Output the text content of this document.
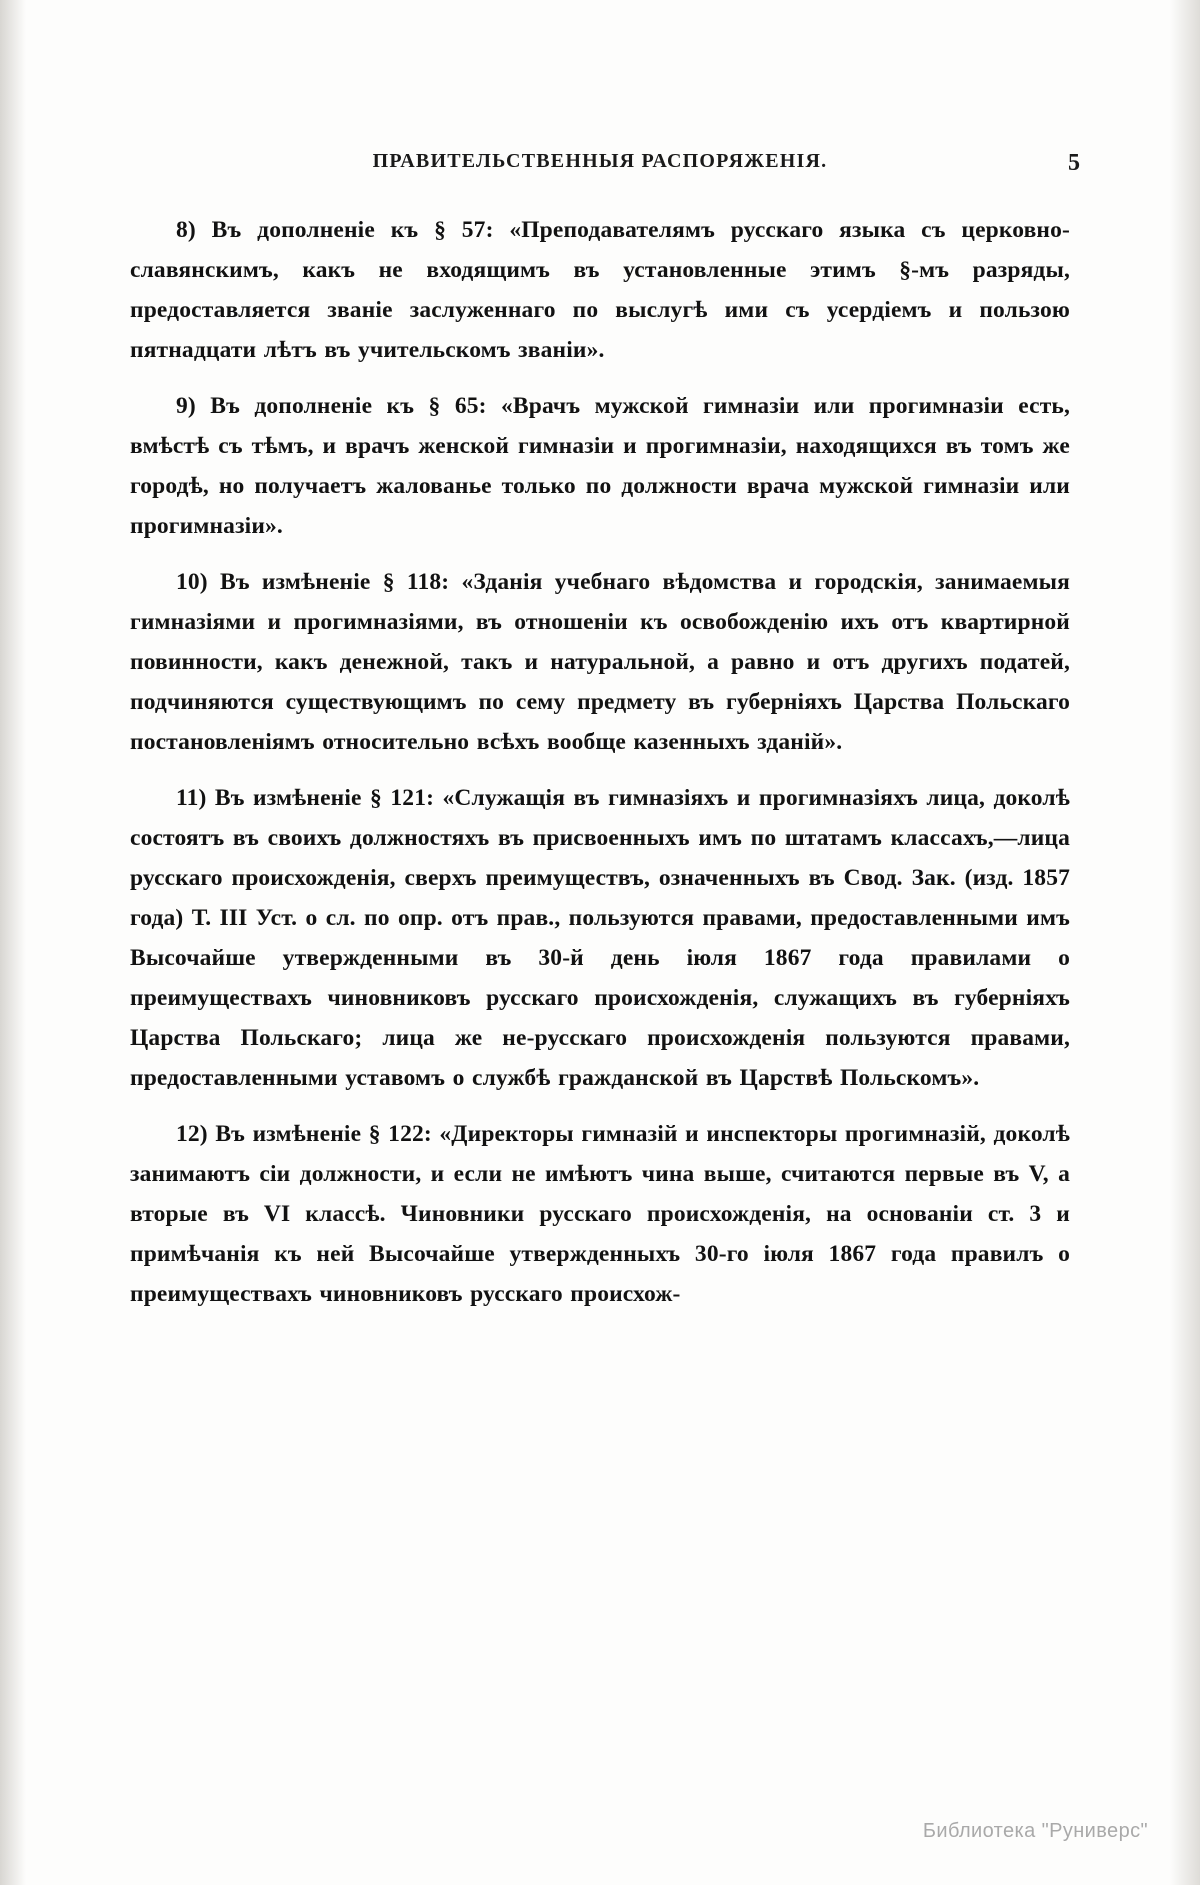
ПРАВИТЕЛЬСТВЕННЫЯ РАСПОРЯЖЕНІЯ.	5

8) Въ дополненіе къ § 57: «Преподавателямъ русскаго языка съ церковно-славянскимъ, какъ не входящимъ въ установленные этимъ §-мъ разряды, предоставляется званіе заслуженнаго по выслугѣ ими съ усердіемъ и пользою пятнадцати лѣтъ въ учительскомъ званіи».

9) Въ дополненіе къ § 65: «Врачъ мужской гимназіи или прогимназіи есть, вмѣстѣ съ тѣмъ, и врачъ женской гимназіи и прогимназіи, находящихся въ томъ же городѣ, но получаетъ жалованье только по должности врача мужской гимназіи или прогимназіи».

10) Въ измѣненіе § 118: «Зданія учебнаго вѣдомства и городскія, занимаемыя гимназіями и прогимназіями, въ отношеніи къ освобожденію ихъ отъ квартирной повинности, какъ денежной, такъ и натуральной, а равно и отъ другихъ податей, подчиняются существующимъ по сему предмету въ губерніяхъ Царства Польскаго постановленіямъ относительно всѣхъ вообще казенныхъ зданій».

11) Въ измѣненіе § 121: «Служащія въ гимназіяхъ и прогимназіяхъ лица, доколѣ состоятъ въ своихъ должностяхъ въ присвоенныхъ имъ по штатамъ классахъ,—лица русскаго происхожденія, сверхъ преимуществъ, означенныхъ въ Свод. Зак. (изд. 1857 года) Т. III Уст. о сл. по опр. отъ прав., пользуются правами, предоставленными имъ Высочайше утвержденными въ 30-й день іюля 1867 года правилами о преимуществахъ чиновниковъ русскаго происхожденія, служащихъ въ губерніяхъ Царства Польскаго; лица же не-русскаго происхожденія пользуются правами, предоставленными уставомъ о службѣ гражданской въ Царствѣ Польскомъ».

12) Въ измѣненіе § 122: «Директоры гимназій и инспекторы прогимназій, доколѣ занимаютъ сіи должности, и если не имѣютъ чина выше, считаются первые въ V, а вторые въ VI классѣ. Чиновники русскаго происхожденія, на основаніи ст. 3 и примѣчанія къ ней Высочайше утвержденныхъ 30-го іюля 1867 года правилъ о преимуществахъ чиновниковъ русскаго происхож-

Библиотека "Руниверс"
